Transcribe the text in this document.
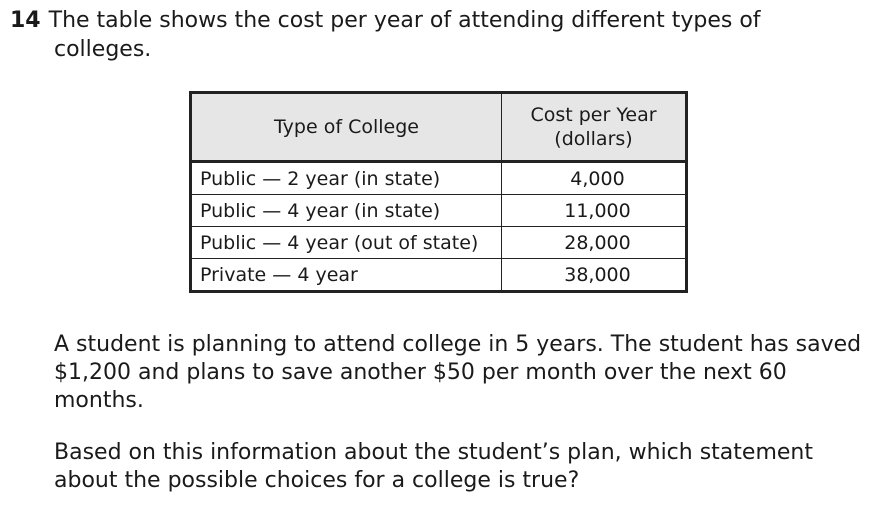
14 The table shows the cost per year of attending different types of
colleges.
Type of College	Cost per Year
(dollars)

Public — 2 year (in state)	4,000
Public — 4 year (in state)	11,000
Public — 4 year (out of state)	28,000
Private — 4 year	38,000

A student is planning to attend college in 5 years. The student has saved $1,200 and plans to save another $50 per month over the next 60 months.

Based on this information about the student’s plan, which statement about the possible choices for a college is true?
